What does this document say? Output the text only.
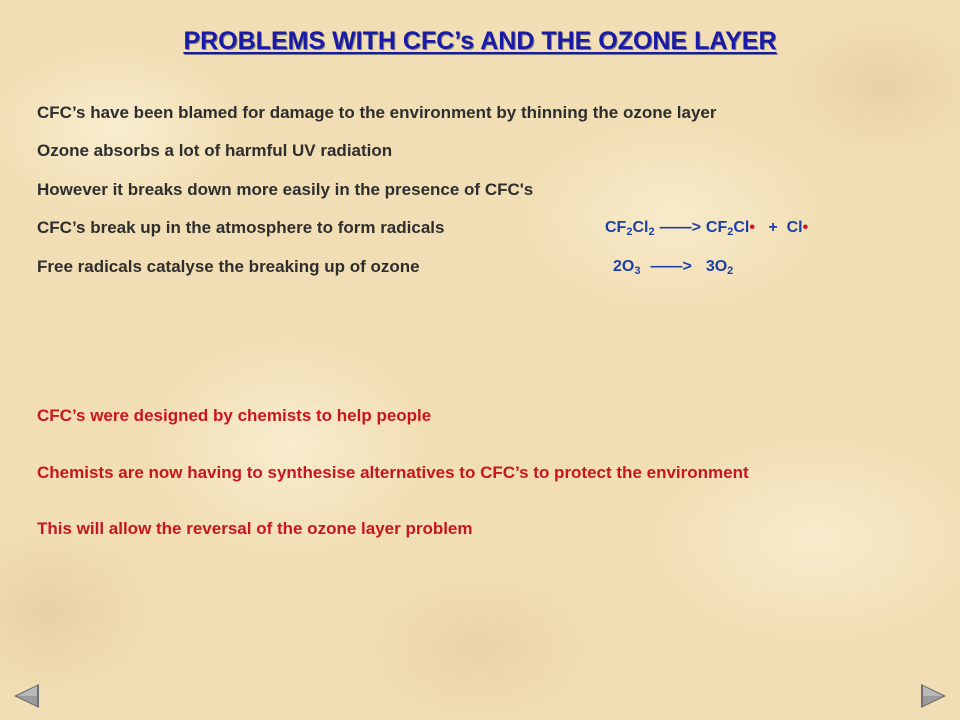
PROBLEMS WITH CFC’s AND THE OZONE LAYER
CFC’s have been blamed for damage to the environment by thinning the ozone layer
Ozone absorbs a lot of harmful UV radiation
However it breaks down more easily in the presence of CFC's
CFC’s break up in the atmosphere to form radicals
Free radicals catalyse the breaking up of ozone
$CF_2Cl_2$ ——> $CF_2Cl•$ + Cl•
$2O_3$ ——> $3O_2$
CFC’s were designed by chemists to help people
Chemists are now having to synthesise alternatives to CFC’s to protect the environment
This will allow the reversal of the ozone layer problem
